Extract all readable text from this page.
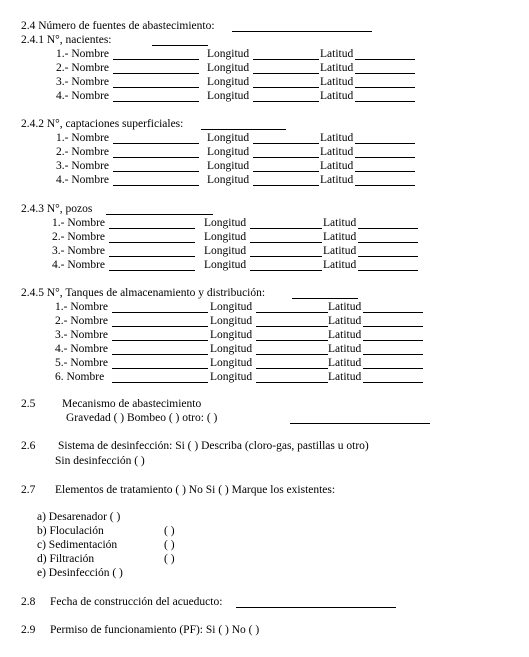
2.4 Número de fuentes de abastecimiento:
2.4.1 N°, nacientes:
1.- Nombre	Longitud	Latitud
2.- Nombre	Longitud	Latitud
3.- Nombre	Longitud	Latitud
4.- Nombre	Longitud	Latitud
2.4.2 N°, captaciones superficiales:
1.- Nombre	Longitud	Latitud
2.- Nombre	Longitud	Latitud
3.- Nombre	Longitud	Latitud
4.- Nombre	Longitud	Latitud
2.4.3 N°, pozos
1.- Nombre	Longitud	Latitud
2.- Nombre	Longitud	Latitud
3.- Nombre	Longitud	Latitud
4.- Nombre	Longitud	Latitud
2.4.5 N°, Tanques de almacenamiento y distribución:
1.- Nombre	Longitud	Latitud
2.- Nombre	Longitud	Latitud
3.- Nombre	Longitud	Latitud
4.- Nombre	Longitud	Latitud
5.- Nombre	Longitud	Latitud
6. Nombre	Longitud	Latitud
2.5 Mecanismo de abastecimiento
Gravedad ( ) Bombeo ( ) otro: ( )
2.6 Sistema de desinfección: Si ( ) Describa (cloro-gas, pastillas u otro)
Sin desinfección ( )
2.7 Elementos de tratamiento ( ) No Si ( ) Marque los existentes:
a) Desarenador ( )
b) Floculación	( )
c) Sedimentación	( )
d) Filtración	( )
e) Desinfección ( )
2.8 Fecha de construcción del acueducto:
2.9 Permiso de funcionamiento (PF): Si ( ) No ( )
